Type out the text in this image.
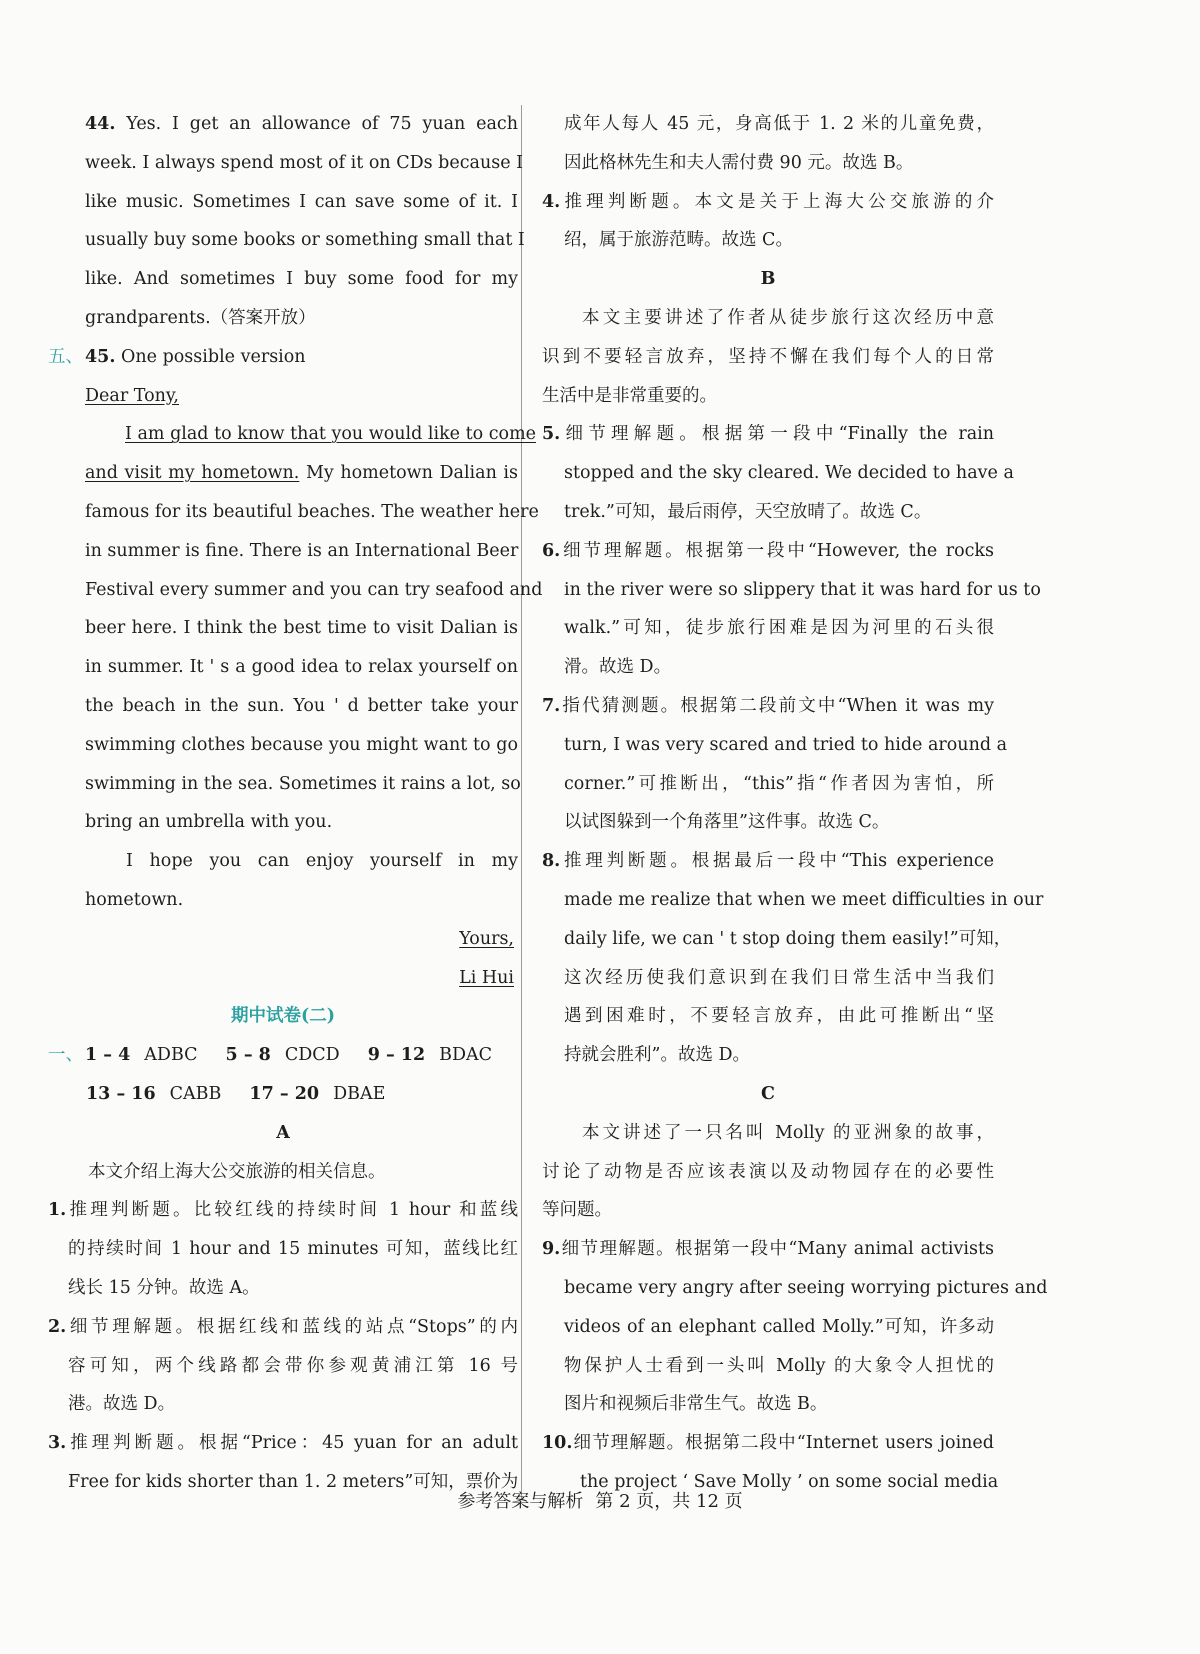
44. Yes. I get an allowance of 75 yuan each
week. I always spend most of it on CDs because I
like music. Sometimes I can save some of it. I
usually buy some books or something small that I
like. And sometimes I buy some food for my
grandparents.（答案开放）
五、 45. One possible version
Dear Tony,
I am glad to know that you would like to come
and visit my hometown. My hometown Dalian is
famous for its beautiful beaches. The weather here
in summer is fine. There is an International Beer
Festival every summer and you can try seafood and
beer here. I think the best time to visit Dalian is
in summer. It ' s a good idea to relax yourself on
the beach in the sun. You ' d better take your
swimming clothes because you might want to go
swimming in the sea. Sometimes it rains a lot, so
bring an umbrella with you.
I hope you can enjoy yourself in my
hometown.
Yours,
Li Hui
期中试卷(二)
一、 1 – 4 ADBC 5 – 8 CDCD 9 – 12 BDAC
13 – 16 CABB 17 – 20 DBAE
A
本文介绍上海大公交旅游的相关信息。
1.推理判断题。比较红线的持续时间 1 hour 和蓝线
的持续时间 1 hour and 15 minutes 可知，蓝线比红
线长 15 分钟。故选 A。
2.细节理解题。根据红线和蓝线的站点“Stops”的内
容可知，两个线路都会带你参观黄浦江第 16 号
港。故选 D。
3.推理判断题。根据“Price：45 yuan for an adult
Free for kids shorter than 1. 2 meters”可知，票价为
成年人每人 45 元，身高低于 1. 2 米的儿童免费，
因此格林先生和夫人需付费 90 元。故选 B。
4.推理判断题。本文是关于上海大公交旅游的介
绍，属于旅游范畴。故选 C。
B
本文主要讲述了作者从徒步旅行这次经历中意
识到不要轻言放弃，坚持不懈在我们每个人的日常
生活中是非常重要的。
5.细节理解题。根据第一段中“Finally the rain
stopped and the sky cleared. We decided to have a
trek.”可知，最后雨停，天空放晴了。故选 C。
6.细节理解题。根据第一段中“However, the rocks
in the river were so slippery that it was hard for us to
walk.”可知，徒步旅行困难是因为河里的石头很
滑。故选 D。
7.指代猜测题。根据第二段前文中“When it was my
turn, I was very scared and tried to hide around a
corner.”可推断出，“this”指“作者因为害怕，所
以试图躲到一个角落里”这件事。故选 C。
8.推理判断题。根据最后一段中“This experience
made me realize that when we meet difficulties in our
daily life, we can ' t stop doing them easily!”可知，
这次经历使我们意识到在我们日常生活中当我们
遇到困难时，不要轻言放弃，由此可推断出“坚
持就会胜利”。故选 D。
C
本文讲述了一只名叫 Molly 的亚洲象的故事，
讨论了动物是否应该表演以及动物园存在的必要性
等问题。
9.细节理解题。根据第一段中“Many animal activists
became very angry after seeing worrying pictures and
videos of an elephant called Molly.”可知，许多动
物保护人士看到一头叫 Molly 的大象令人担忧的
图片和视频后非常生气。故选 B。
10.细节理解题。根据第二段中“Internet users joined
the project ‘ Save Molly ’ on some social media
参考答案与解析 第 2 页，共 12 页
